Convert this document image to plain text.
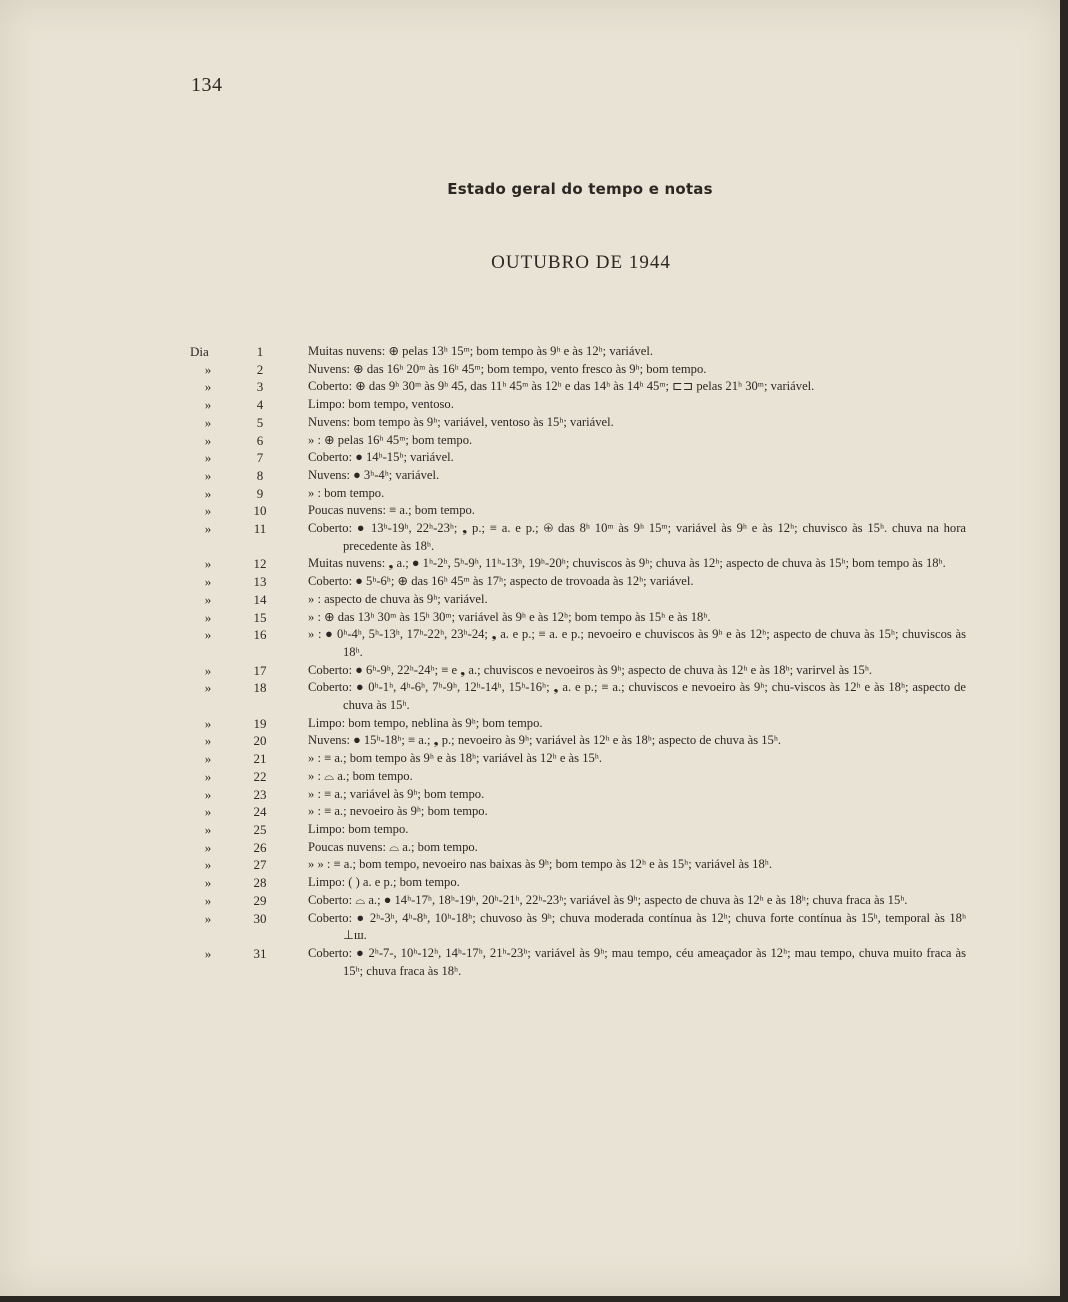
134
Estado geral do tempo e notas
OUTUBRO DE 1944
Dia	1	Muitas nuvens: ⊕ pelas 13ʰ 15ᵐ; bom tempo às 9ʰ e às 12ʰ; variável.
»	2	Nuvens: ⊕ das 16ʰ 20ᵐ às 16ʰ 45ᵐ; bom tempo, vento fresco às 9ʰ; bom tempo.
»	3	Coberto: ⊕ das 9ʰ 30ᵐ às 9ʰ 45, das 11ʰ 45ᵐ às 12ʰ e das 14ʰ às 14ʰ 45ᵐ; ⊏⊐ pelas 21ʰ 30ᵐ; variável.
»	4	Limpo: bom tempo, ventoso.
»	5	Nuvens: bom tempo às 9ʰ; variável, ventoso às 15ʰ; variável.
»	6	» : ⊕ pelas 16ʰ 45ᵐ; bom tempo.
»	7	Coberto: ● 14ʰ-15ʰ; variável.
»	8	Nuvens: ● 3ʰ-4ʰ; variável.
»	9	» : bom tempo.
»	10	Poucas nuvens: ≡ a.; bom tempo.
»	11	Coberto: ● 13ʰ-19ʰ, 22ʰ-23ʰ; ❟ p.; ≡ a. e p.; ⊕ das 8ʰ 10ᵐ às 9ʰ 15ᵐ; variável às 9ʰ e às 12ʰ; chuvisco às 15ʰ. chuva na hora precedente às 18ʰ.
»	12	Muitas nuvens: ❟ a.; ● 1ʰ-2ʰ, 5ʰ-9ʰ, 11ʰ-13ʰ, 19ʰ-20ʰ; chuviscos às 9ʰ; chuva às 12ʰ; aspecto de chuva às 15ʰ; bom tempo às 18ʰ.
»	13	Coberto: ● 5ʰ-6ʰ; ⊕ das 16ʰ 45ᵐ às 17ʰ; aspecto de trovoada às 12ʰ; variável.
»	14	» : aspecto de chuva às 9ʰ; variável.
»	15	» : ⊕ das 13ʰ 30ᵐ às 15ʰ 30ᵐ; variável às 9ʰ e às 12ʰ; bom tempo às 15ʰ e às 18ʰ.
»	16	» : ● 0ʰ-4ʰ, 5ʰ-13ʰ, 17ʰ-22ʰ, 23ʰ-24; ❟ a. e p.; ≡ a. e p.; nevoeiro e chuviscos às 9ʰ e às 12ʰ; aspecto de chuva às 15ʰ; chuviscos às 18ʰ.
»	17	Coberto: ● 6ʰ-9ʰ, 22ʰ-24ʰ; ≡ e ❟ a.; chuviscos e nevoeiros às 9ʰ; aspecto de chuva às 12ʰ e às 18ʰ; varirvel às 15ʰ.
»	18	Coberto: ● 0ʰ-1ʰ, 4ʰ-6ʰ, 7ʰ-9ʰ, 12ʰ-14ʰ, 15ʰ-16ʰ; ❟ a. e p.; ≡ a.; chuviscos e nevoeiro às 9ʰ; chu-viscos às 12ʰ e às 18ʰ; aspecto de chuva às 15ʰ.
»	19	Limpo: bom tempo, neblina às 9ʰ; bom tempo.
»	20	Nuvens: ● 15ʰ-18ʰ; ≡ a.; ❟ p.; nevoeiro às 9ʰ; variável às 12ʰ e às 18ʰ; aspecto de chuva às 15ʰ.
»	21	» : ≡ a.; bom tempo às 9ʰ e às 18ʰ; variável às 12ʰ e às 15ʰ.
»	22	» : ⌓ a.; bom tempo.
»	23	» : ≡ a.; variável às 9ʰ; bom tempo.
»	24	» : ≡ a.; nevoeiro às 9ʰ; bom tempo.
»	25	Limpo: bom tempo.
»	26	Poucas nuvens: ⌓ a.; bom tempo.
»	27	» » : ≡ a.; bom tempo, nevoeiro nas baixas às 9ʰ; bom tempo às 12ʰ e às 15ʰ; variável às 18ʰ.
»	28	Limpo: ( ) a. e p.; bom tempo.
»	29	Coberto: ⌓ a.; ● 14ʰ-17ʰ, 18ʰ-19ʰ, 20ʰ-21ʰ, 22ʰ-23ʰ; variável às 9ʰ; aspecto de chuva às 12ʰ e às 18ʰ; chuva fraca às 15ʰ.
»	30	Coberto: ● 2ʰ-3ʰ, 4ʰ-8ʰ, 10ʰ-18ʰ; chuvoso às 9ʰ; chuva moderada contínua às 12ʰ; chuva forte contínua às 15ʰ, temporal às 18ʰ ⊥ш.
»	31	Coberto: ● 2ʰ-7-, 10ʰ-12ʰ, 14ʰ-17ʰ, 21ʰ-23ʰ; variável às 9ʰ; mau tempo, céu ameaçador às 12ʰ; mau tempo, chuva muito fraca às 15ʰ; chuva fraca às 18ʰ.
